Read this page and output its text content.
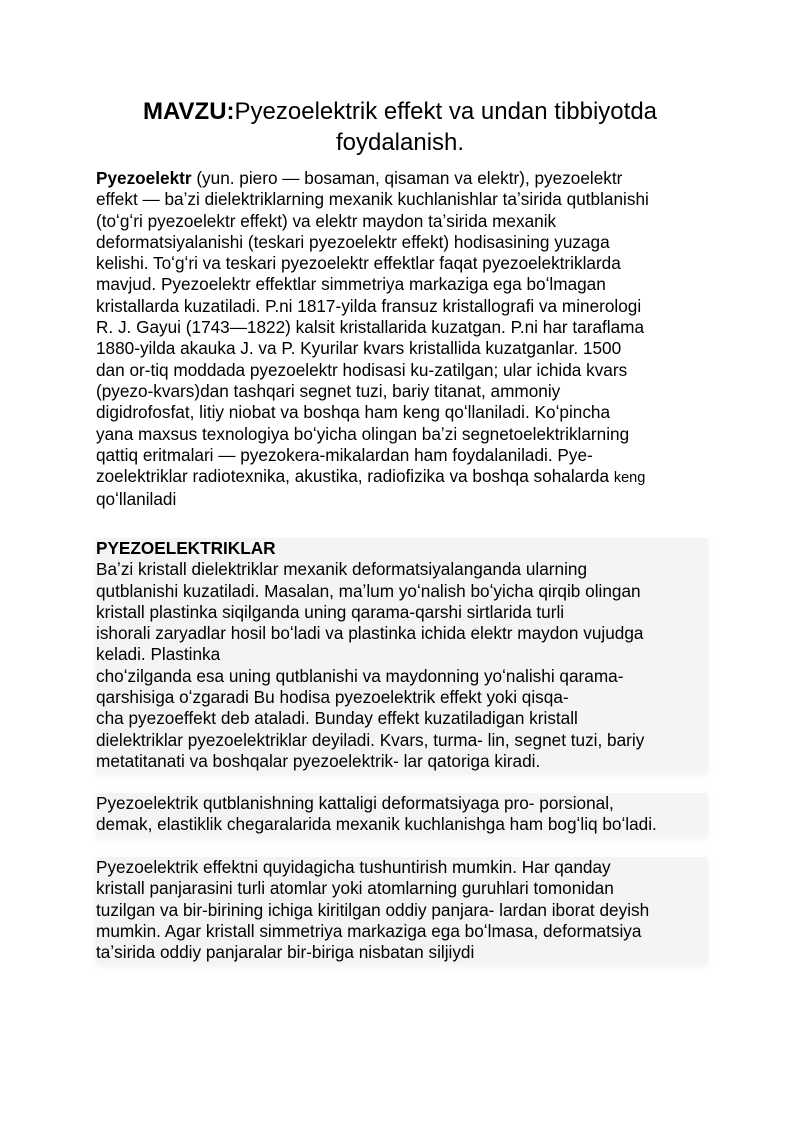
MAVZU:Pyezoelektrik effekt va undan tibbiyotda
foydalanish.
Pyezoelektr (yun. piero — bosaman, qisaman va elektr), pyezoelektr
effekt — baʼzi dielektriklarning mexanik kuchlanishlar taʼsirida qutblanishi
(toʻgʻri pyezoelektr effekt) va elektr maydon taʼsirida mexanik
deformatsiyalanishi (teskari pyezoelektr effekt) hodisasining yuzaga
kelishi. Toʻgʻri va teskari pyezoelektr effektlar faqat pyezoelektriklarda
mavjud. Pyezoelektr effektlar simmetriya markaziga ega boʻlmagan
kristallarda kuzatiladi. P.ni 1817-yilda fransuz kristallografi va minerologi
R. J. Gayui (1743—1822) kalsit kristallarida kuzatgan. P.ni har taraflama
1880-yilda akauka J. va P. Kyurilar kvars kristallida kuzatganlar. 1500
dan or-tiq moddada pyezoelektr hodisasi ku-zatilgan; ular ichida kvars
(pyezo-kvars)dan tashqari segnet tuzi, bariy titanat, ammoniy
digidrofosfat, litiy niobat va boshqa ham keng qoʻllaniladi. Koʻpincha
yana maxsus texnologiya boʻyicha olingan baʼzi segnetoelektriklarning
qattiq eritmalari — pyezokera-mikalardan ham foydalaniladi. Pye-
zoelektriklar radiotexnika, akustika, radiofizika va boshqa sohalarda keng
qoʻllaniladi
PYEZOELEKTRIKLAR
Baʼzi kristall dielektriklar mexanik deformatsiyalanganda ularning
qutblanishi kuzatiladi. Masalan, maʼlum yoʻnalish boʻyicha qirqib olingan
kristall plastinka siqilganda uning qarama-qarshi sirtlarida turli
ishorali zaryadlar hosil boʻladi va plastinka ichida elektr maydon vujudga
keladi. Plastinka
choʻzilganda esa uning qutblanishi va maydonning yoʻnalishi qarama-
qarshisiga oʻzgaradi Bu hodisa pyezoelektrik effekt yoki qisqa-
cha pyezoeffekt deb ataladi. Bunday effekt kuzatiladigan kristall
dielektriklar pyezoelektriklar deyiladi. Kvars, turma- lin, segnet tuzi, bariy
metatitanati va boshqalar pyezoelektrik- lar qatoriga kiradi.
Pyezoelektrik qutblanishning kattaligi deformatsiyaga pro- porsional,
demak, elastiklik chegaralarida mexanik kuchlanishga ham bogʻliq boʻladi.
Pyezoelektrik effektni quyidagicha tushuntirish mumkin. Har qanday
kristall panjarasini turli atomlar yoki atomlarning guruhlari tomonidan
tuzilgan va bir-birining ichiga kiritilgan oddiy panjara- lardan iborat deyish
mumkin. Agar kristall simmetriya markaziga ega boʻlmasa, deformatsiya
taʼsirida oddiy panjaralar bir-biriga nisbatan siljiydi
